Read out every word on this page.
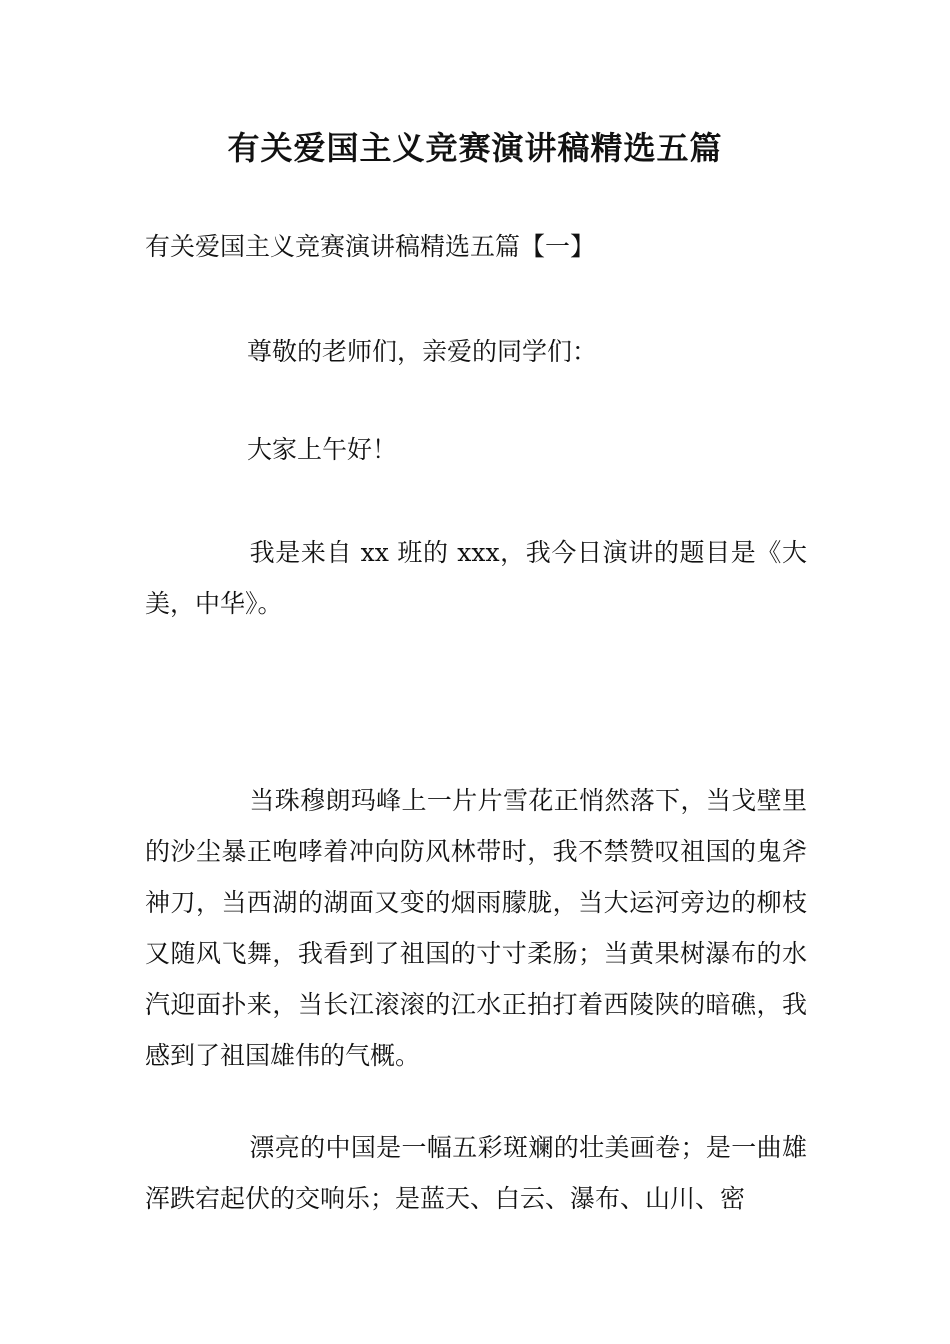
有关爱国主义竞赛演讲稿精选五篇

有关爱国主义竞赛演讲稿精选五篇【一】

尊敬的老师们，亲爱的同学们：

大家上午好！

我是来自 xx 班的 xxx，我今日演讲的题目是《大美，中华》。

当珠穆朗玛峰上一片片雪花正悄然落下，当戈壁里的沙尘暴正咆哮着冲向防风林带时，我不禁赞叹祖国的鬼斧神刀，当西湖的湖面又变的烟雨朦胧，当大运河旁边的柳枝又随风飞舞，我看到了祖国的寸寸柔肠；当黄果树瀑布的水汽迎面扑来，当长江滚滚的江水正拍打着西陵陕的暗礁，我感到了祖国雄伟的气概。

漂亮的中国是一幅五彩斑斓的壮美画卷；是一曲雄浑跌宕起伏的交响乐；是蓝天、白云、瀑布、山川、密
